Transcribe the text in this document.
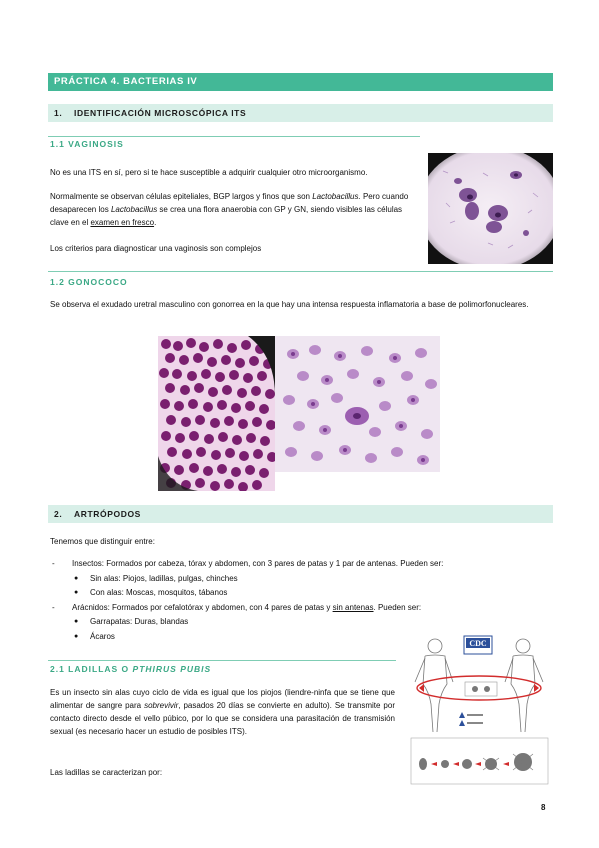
PRÁCTICA 4. BACTERIAS IV
1. IDENTIFICACIÓN MICROSCÓPICA ITS
1.1 VAGINOSIS
No es una ITS en sí, pero si te hace susceptible a adquirir cualquier otro microorganismo.
Normalmente se observan células epiteliales, BGP largos y finos que son Lactobacillus. Pero cuando desaparecen los Lactobacillus se crea una flora anaerobia con GP y GN, siendo visibles las células clave en el examen en fresco.
Los criterios para diagnosticar una vaginosis son complejos
1.2 GONOCOCO
Se observa el exudado uretral masculino con gonorrea en la que hay una intensa respuesta inflamatoria a base de polimorfonucleares.
2. ARTRÓPODOS
Tenemos que distinguir entre:
- Insectos: Formados por cabeza, tórax y abdomen, con 3 pares de patas y 1 par de antenas. Pueden ser:
● Sin alas: Piojos, ladillas, pulgas, chinches
● Con alas: Moscas, mosquitos, tábanos
- Arácnidos: Formados por cefalotórax y abdomen, con 4 pares de patas y sin antenas. Pueden ser:
● Garrapatas: Duras, blandas
● Ácaros
2.1 LADILLAS O PTHIRUS PUBIS
Es un insecto sin alas cuyo ciclo de vida es igual que los piojos (liendre-ninfa que se tiene que alimentar de sangre para sobrevivir, pasados 20 días se convierte en adulto). Se transmite por contacto directo desde el vello púbico, por lo que se considera una parasitación de transmisión sexual (es necesario hacer un estudio de posibles ITS).
Las ladillas se caracterizan por:
CDC
8
